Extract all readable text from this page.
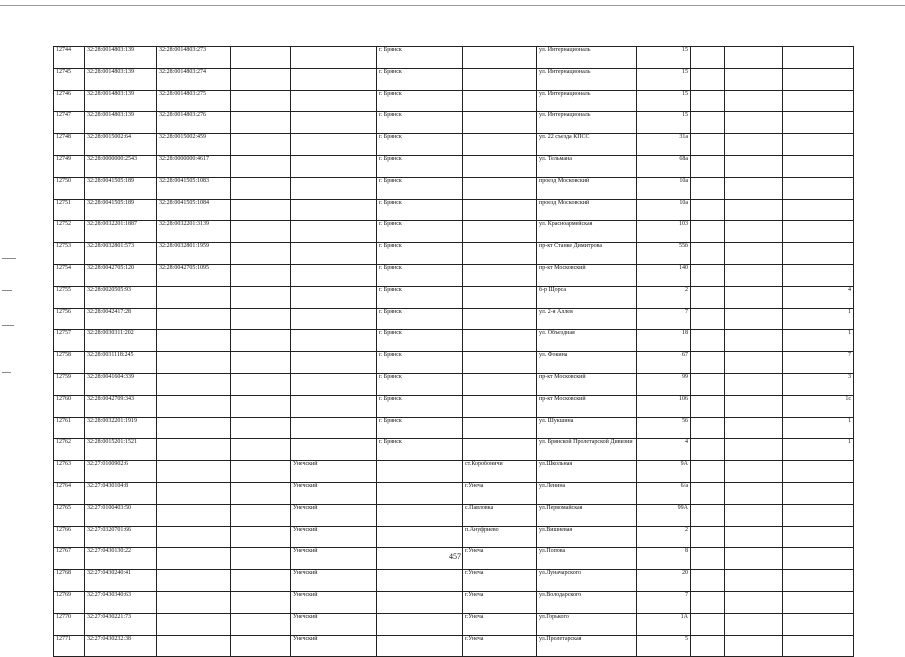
12744	32:28:0014803:139	32:28:0014803:273			г. Брянск		ул. Интернациональ	15			
12745	32:28:0014803:139	32:28:0014803:274			г. Брянск		ул. Интернациональ	15			
12746	32:28:0014803:139	32:28:0014803:275			г. Брянск		ул. Интернациональ	15			
12747	32:28:0014803:139	32:28:0014803:276			г. Брянск		ул. Интернациональ	15			
12748	32:28:0015002:64	32:28:0015002:459			г. Брянск		ул. 22 съезда КПСС	31а			
12749	32:28:0000000:2543	32:28:0000000:4617			г. Брянск		ул. Тельмана	68а			
12750	32:28:0041505:189	32:28:0041505:1083			г. Брянск		проезд Московский	10а			
12751	32:28:0041505:189	32:28:0041505:1084			г. Брянск		проезд Московский	10а			
12752	32:28:0032201:1887	32:28:0032201:3139			г. Брянск		ул. Красноармейская	103			
12753	32:28:0032801:573	32:28:0032801:1959			г. Брянск		пр-кт Станке Димитрова	55б			
12754	32:28:0042705:120	32:28:0042705:1095			г. Брянск		пр-кт Московский	140			
12755	32:28:0020505:93				г. Брянск		б-р Щорса	2			4
12756	32:28:0042417:28				г. Брянск		ул. 2-я Аллея	7			1
12757	32:28:0030311:202				г. Брянск		ул. Объездная	18			1
12758	32:28:0031118:245				г. Брянск		ул. Фокина	67			7
12759	32:28:0041604:339				г. Брянск		пр-кт Московский	99			3
12760	32:28:0042709:343				г. Брянск		пр-кт Московский	106			1с
12761	32:28:0032201:1919				г. Брянск		ул. Шукшина	56			1
12762	32:28:0015201:1521				г. Брянск		ул. Брянской Пролетарской Дивизии	4			1
12763	32:27:0100902:6			Унечский		ст.Коробоничи	ул.Школьная	9А			
12764	32:27:0430104:8			Унечский		г.Унеча	ул.Ленина	6/а			
12765	32:27:0100403:50			Унечский		с.Павловка	ул.Первомайская	99А			
12766	32:27:0320701:66			Унечский		п.Ануфриево	ул.Вишневая	2			
12767	32:27:0430130:22			Унечский		г.Унеча	ул.Попова	8			
12768	32:27:0430240:41			Унечский		г.Унеча	ул.Луначарского	20			
12769	32:27:0430340:63			Унечский		г.Унеча	ул.Володарского	7			
12770	32:27:0430221:73			Унечский		г.Унеча	ул.Горького	1А			
12771	32:27:0430232:38			Унечский		г.Унеча	ул.Пролетарская	5			
457
